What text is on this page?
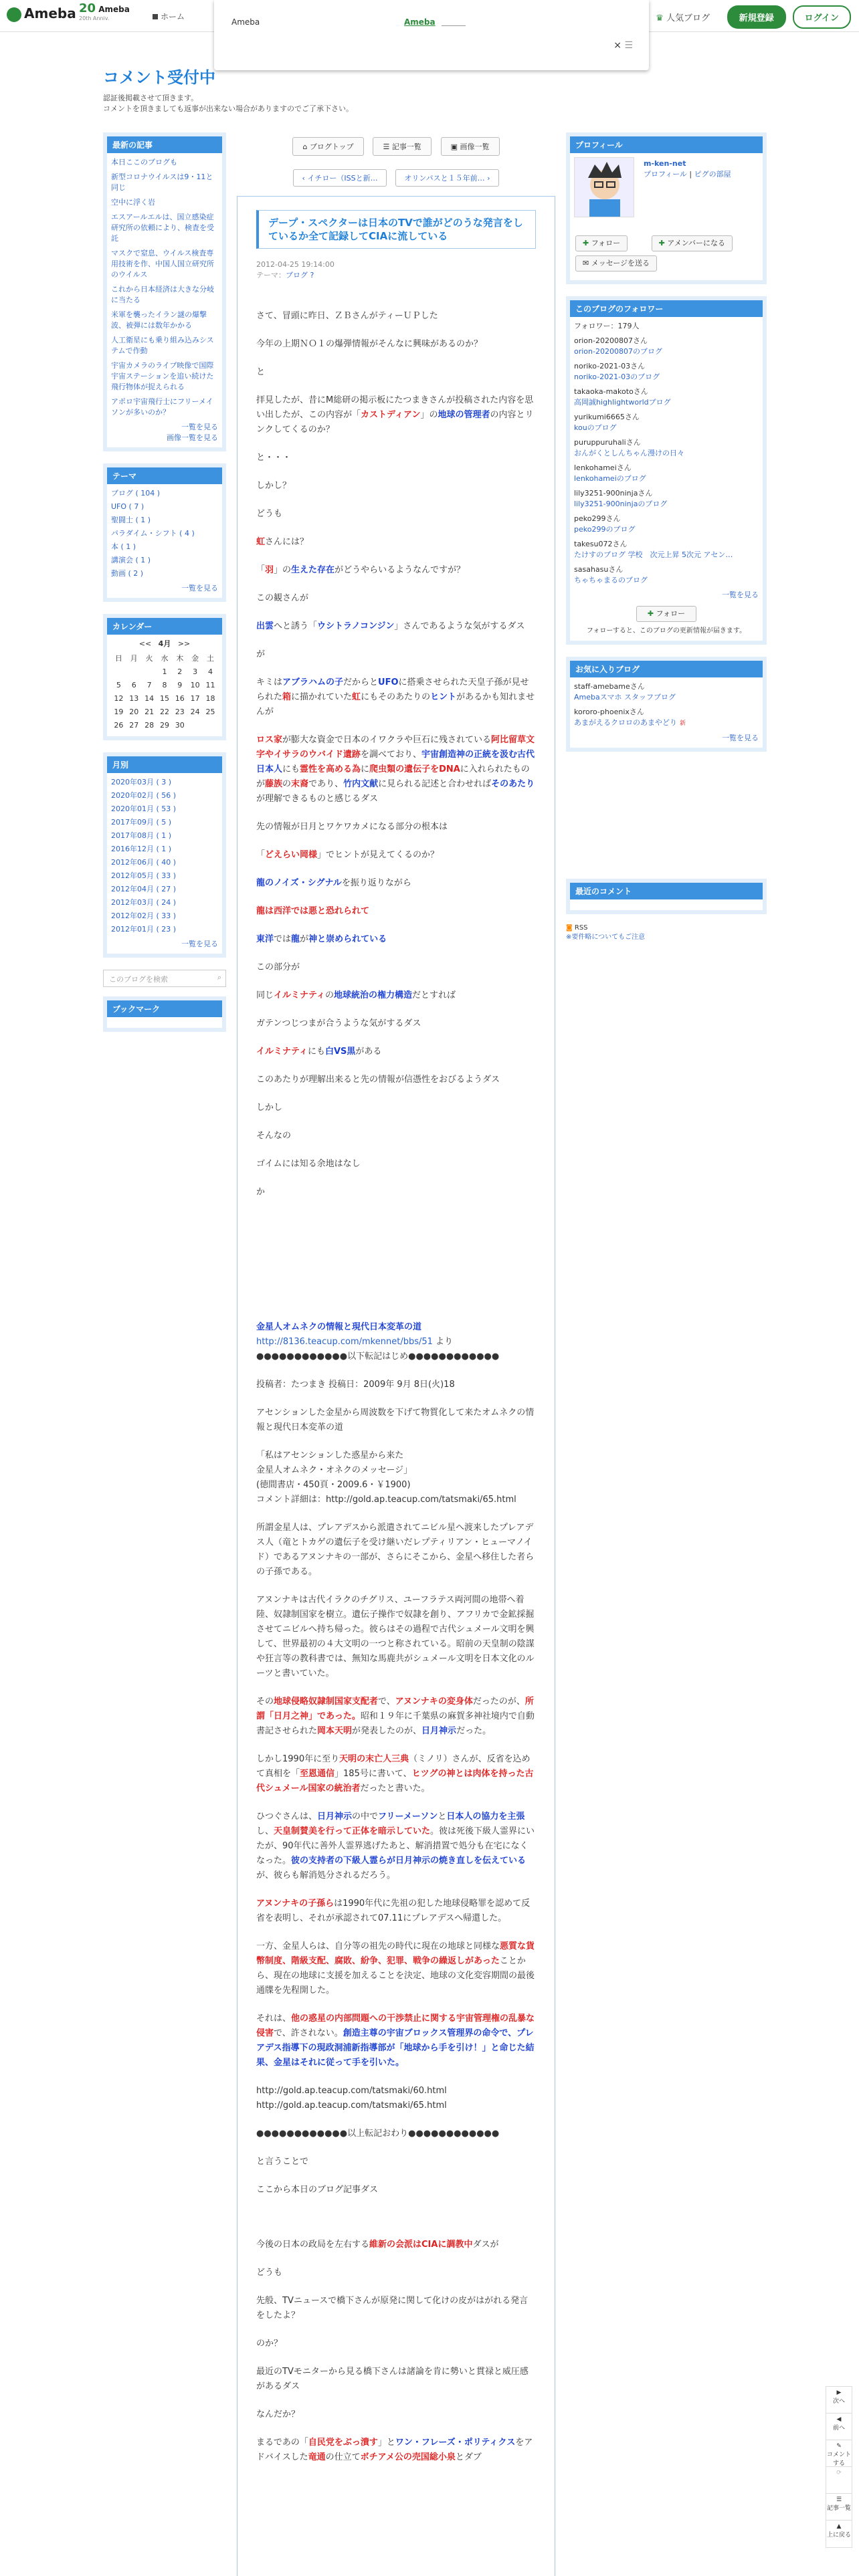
Ameba 20 Ameba
20th Anniv.	ホーム	♛ 人気ブログ	新規登録	ログイン
Ameba	Ameba
× ☰
コメント受付中
認証後掲載させて頂きます。
コメントを頂きましても返事が出来ない場合がありますのでご了承下さい。
最新の記事

本日ここのブログも

新型コロナウイルスは9・11と同じ

空中に浮く岩

エスアールエルは、国立感染症研究所の依頼により、検査を受託

マスクで窒息、ウイルス検査専用技術を作、中国人国立研究所のウイルス

これから日本経済は大きな分岐に当たる

米軍を襲ったイラン謎の爆撃波、被弾には数年かかる

人工衛星にも乗り組み込みシステムで作動

宇宙カメラのライブ映像で国際宇宙ステーションを追い続けた飛行物体が捉えられる

アポロ宇宙飛行士にフリーメイソンが多いのか？

一覧を見る
画像一覧を見る
テーマ
ブログ ( 104 )
UFO ( 7 )
聖闘士 ( 1 )
パラダイム・シフト ( 4 )
本 ( 1 )
講演会 ( 1 )
動画 ( 2 )
一覧を見る
カレンダー
<< 4月 >>
日	月	火	水	木	金	土
			1	2	3	4
5	6	7	8	9	10	11
12	13	14	15	16	17	18
19	20	21	22	23	24	25
26	27	28	29	30		
月別
2020年03月 ( 3 )
2020年02月 ( 56 )
2020年01月 ( 53 )
2017年09月 ( 5 )
2017年08月 ( 1 )
2016年12月 ( 1 )
2012年06月 ( 40 )
2012年05月 ( 33 )
2012年04月 ( 27 )
2012年03月 ( 24 )
2012年02月 ( 33 )
2012年01月 ( 23 )
一覧を見る
このブログを検索	⌕
ブックマーク
⌂ ブログトップ	☰ 記事一覧	▣ 画像一覧
‹ イチロー（ISSと新…	オリンパスと１５年前… ›
デープ・スペクターは日本のTVで誰がどのうな発言をしているか全て記録してCIAに流している
2012-04-25 19:14:00
テーマ：ブログ ?

さて、冒頭に昨日、ＺＢさんがティーＵＰした

今年の上期ＮＯ１の爆弾情報がそんなに興味があるのか？

と

拝見したが、昔にM総研の掲示板にたつまきさんが投稿された内容を思い出したが、この内容が「カストディアン」の地球の管理者の内容とリンクしてくるのか？

と・・・

しかし？

どうも

虹さんには？

「羽」の生えた存在がどうやらいるようなんですが？

この観さんが

出雲へと誘う「ウシトラノコンジン」さんであるような気がするダス

が

キミはアブラハムの子だからとUFOに搭乗させられた天皇子孫が見せられた箱に描かれていた虹にもそのあたりのヒントがあるかも知れませんが

ロス家が膨大な資金で日本のイワクラや巨石に残されている阿比留草文字やイサラのウバイド遺跡を調べており、宇宙創造神の正統を汲む古代日本人にも霊性を高める為に爬虫類の遺伝子をDNAに入れられたものが藤族の末裔であり、竹内文献に見られる記述と合わせればそのあたりが理解できるものと感じるダス

先の情報が日月とワケワカメになる部分の根本は

「どえらい岡様」でヒントが見えてくるのか？

龍のノイズ・シグナルを振り返りながら

龍は西洋では悪と恐れられて

東洋では龍が神と崇められている

この部分が

同じイルミナティの地球統治の権力構造だとすれば

ガテンつじつまが合うような気がするダス

イルミナティにも白VS黒がある

このあたりが理解出来ると先の情報が信憑性をおびるようダス

しかし

そんなの

ゴイムには知る余地はなし

か

金星人オムネクの情報と現代日本変革の道
http://8136.teacup.com/mkennet/bbs/51 より

●●●●●●●●●●●●以下転記はじめ●●●●●●●●●●●●

投稿者：たつまき 投稿日：2009年 9月 8日(火)18

アセンションした金星から周波数を下げて物質化して来たオムネクの情報と現代日本変革の道

「私はアセンションした惑星から来た
金星人オムネク・オネクのメッセージ」
(徳間書店・450頁・2009.6・￥1900)
コメント詳細は：http://gold.ap.teacup.com/tatsmaki/65.html

所謂金星人は、プレアデスから派遣されてニビル星へ渡来したプレアデス人（竜とトカゲの遺伝子を受け継いだレプティリアン・ヒューマノイド）であるアヌンナキの一部が、さらにそこから、金星へ移住した者らの子孫である。

アヌンナキは古代イラクのチグリス、ユーフラテス両河間の地帯へ着陸、奴隷制国家を樹立。遺伝子操作で奴隷を創り、アフリカで金鉱採掘させてニビルへ持ち帰った。彼らはその過程で古代シュメール文明を興して、世界最初の４大文明の一つと称されている。昭前の天皇制の陰謀や狂言等の教科書では、無知な馬鹿共がシュメール文明を日本文化のルーツと書いていた。

その地球侵略奴隷制国家支配者で、アヌンナキの変身体だったのが、所謂「日月之神」であった。昭和１９年に千葉県の麻賀多神社境内で自動書記させられた岡本天明が発表したのが、日月神示だった。

しかし1990年に至り天明の末亡人三典（ミノリ）さんが、反省を込めて真相を「至恩通信」185号に書いて、ヒツグの神とは肉体を持った古代シュメール国家の統治者だったと書いた。

ひつぐさんは、日月神示の中でフリーメーソンと日本人の協力を主張し、天皇制賛美を行って正体を暗示していた。彼は死後下級人霊界にいたが、90年代に善外人霊界逃げたあと、解消措置で処分も在宅になくなった。彼の支持者の下級人霊らが日月神示の焼き直しを伝えているが、彼らも解消処分されるだろう。

アヌンナキの子孫らは1990年代に先祖の犯した地球侵略罪を認めて反省を表明し、それが承認されて07.11にプレアデスへ帰還した。

一方、金星人らは、自分等の祖先の時代に現在の地球と同様な悪質な貨幣制度、階級支配、腐敗、紛争、犯罪、戦争の繰返しがあったことから、現在の地球に支援を加えることを決定、地球の文化変容期間の最後通牒を先程開した。

それは、他の惑星の内部問題への干渉禁止に関する宇宙管理権の乱暴な侵害で、許されない。創造主尊の宇宙ブロックス管理界の命令で、プレアデス指導下の現政洞浦新指導部が「地球から手を引け！」と命じた結果、金星はそれに従って手を引いた。

http://gold.ap.teacup.com/tatsmaki/60.html
http://gold.ap.teacup.com/tatsmaki/65.html

●●●●●●●●●●●●以上転記おわり●●●●●●●●●●●●

と言うことで

ここから本日のブログ記事ダス

今後の日本の政局を左右する維新の会派はCIAに調教中ダスが

どうも

先般、TVニュースで橋下さんが原発に関して化けの皮がはがれる発言をしたよ？

のか？

最近のTVモニターから見る橋下さんは諸論を肯に勢いと貫禄と威圧感があるダス

なんだか？

まるであの「自民党をぶっ潰す」とワン・フレーズ・ポリティクスをアドバイスした竜通の仕立てボチアメ公の売国総小泉とダブ

プロフィール
m-ken-net
プロフィール | ピグの部屋
✚ フォロー	✚ アメンバーになる
✉ メッセージを送る
このブログのフォロワー

フォロワー：179人

orion-20200807さん
orion-20200807のブログ
noriko-2021-03さん
noriko-2021-03のブログ
takaoka-makotoさん
高岡誠highlightworldブログ
yurikumi6665さん
kouのブログ
puruppuruhaliさん
おんがくとしんちゃん漫けの日々
lenkohameiさん
lenkohameiのブログ
lily3251-900ninjaさん
lily3251-900ninjaのブログ
peko299さん
peko299のブログ
takesu072さん
たけすのブログ 学校　次元上昇 5次元 アセン…
sasahasuさん
ちゃちゃまるのブログ
一覧を見る
✚ フォロー
フォローすると、このブログの更新情報が届きます。
お気に入りブログ
staff-amebameさん
Amebaスマホ スタッフブログ
kororo-phoenixさん
あまがえるクロロのあまやどり 新
一覧を見る
最近のコメント
◙ RSS
※要件略についてもご注意
▶
次へ
◀
前へ
✎
コメントする
⟳
☰
記事一覧
▲
上に戻る
